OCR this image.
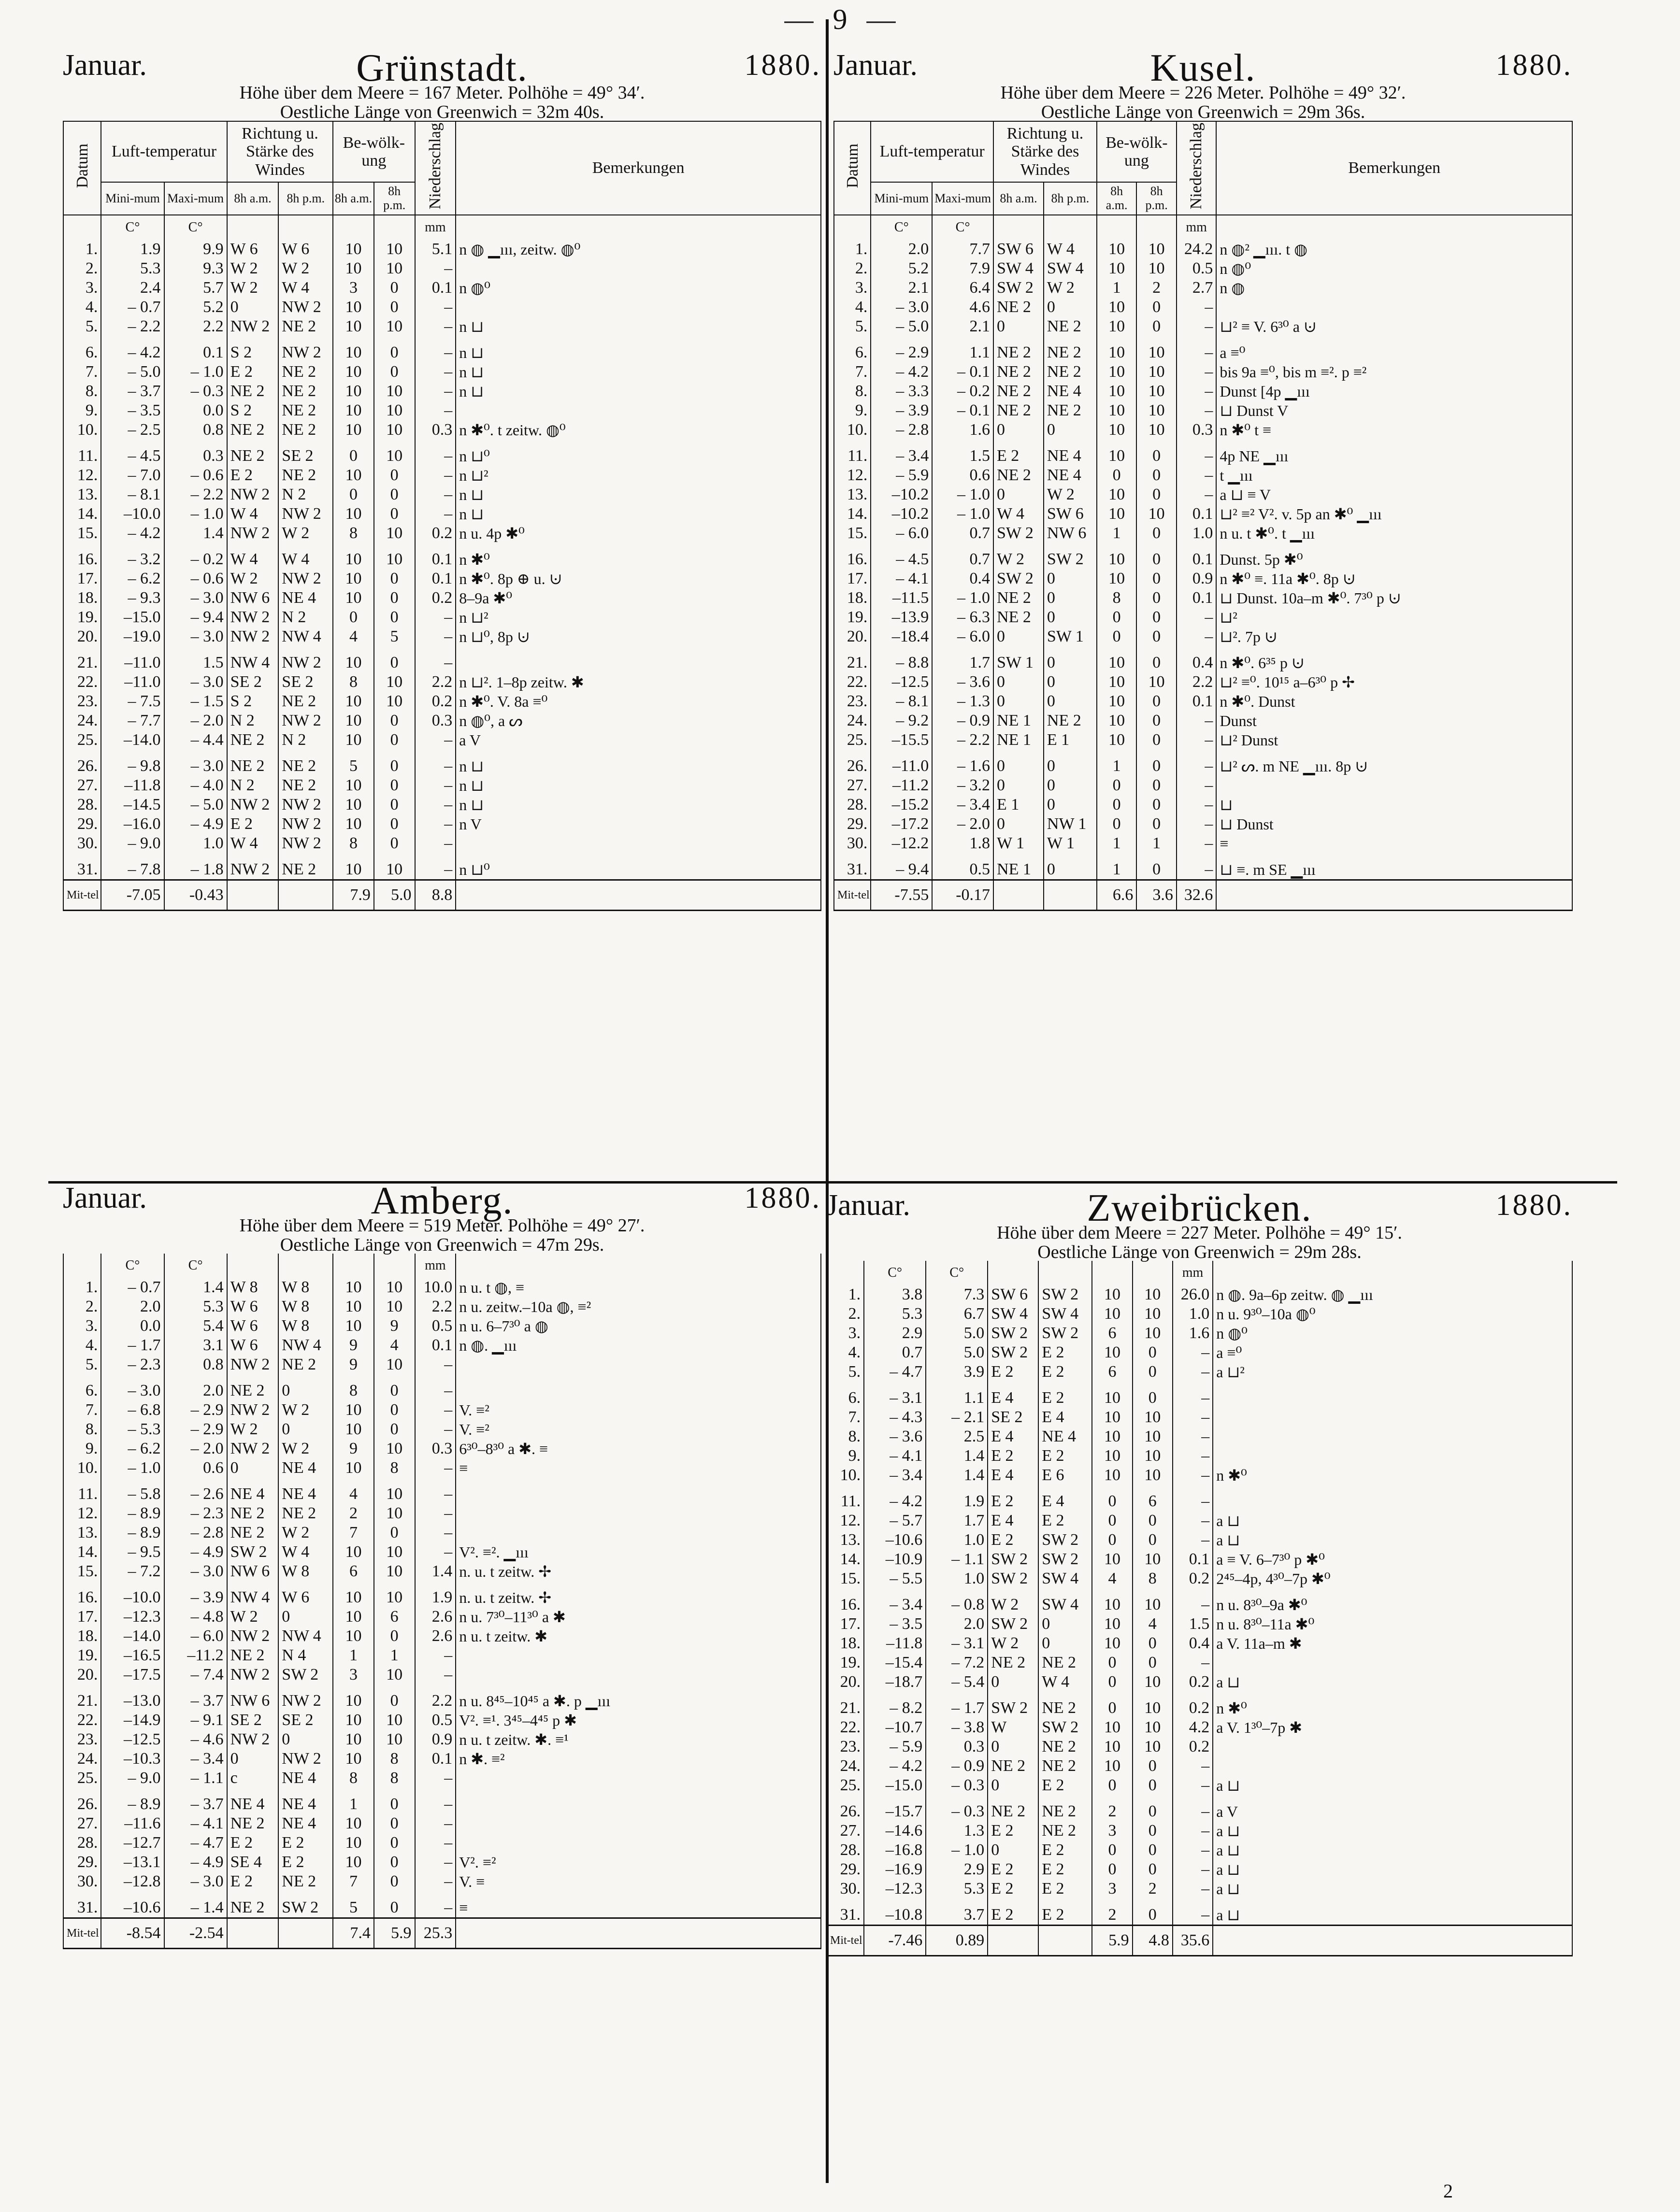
— 9 —
Januar.	Grünstadt.	1880.
Höhe über dem Meere = 167 Meter. Polhöhe = 49° 34′.
Oestliche Länge von Greenwich = 32m 40s.
Datum	Luft-temperatur		Richtung u. Stärke des Windes		Be-wölk-ung		Niederschlag	Bemerkungen
	Mini-mum	Maxi-mum	8h a.m.	8h p.m.	8h a.m.	8h p.m.		
	C°	C°					mm	
1.	1.9	9.9	W 6	W 6	10	10	5.1	n ◍ ▁ııı, zeitw. ◍⁰
2.	5.3	9.3	W 2	W 2	10	10	–	
3.	2.4	5.7	W 2	W 4	3	0	0.1	n ◍⁰
4.	– 0.7	5.2	0	NW 2	10	0	–	
5.	– 2.2	2.2	NW 2	NE 2	10	10	–	n ⊔

6.	– 4.2	0.1	S 2	NW 2	10	0	–	n ⊔
7.	– 5.0	– 1.0	E 2	NE 2	10	0	–	n ⊔
8.	– 3.7	– 0.3	NE 2	NE 2	10	10	–	n ⊔
9.	– 3.5	0.0	S 2	NE 2	10	10	–	
10.	– 2.5	0.8	NE 2	NE 2	10	10	0.3	n ✱⁰. t zeitw. ◍⁰

11.	– 4.5	0.3	NE 2	SE 2	0	10	–	n ⊔⁰
12.	– 7.0	– 0.6	E 2	NE 2	10	0	–	n ⊔²
13.	– 8.1	– 2.2	NW 2	N 2	0	0	–	n ⊔
14.	–10.0	– 1.0	W 4	NW 2	10	0	–	n ⊔
15.	– 4.2	1.4	NW 2	W 2	8	10	0.2	n u. 4p ✱⁰

16.	– 3.2	– 0.2	W 4	W 4	10	10	0.1	n ✱⁰
17.	– 6.2	– 0.6	W 2	NW 2	10	0	0.1	n ✱⁰. 8p ⊕ u. ⊍
18.	– 9.3	– 3.0	NW 6	NE 4	10	0	0.2	8–9a ✱⁰
19.	–15.0	– 9.4	NW 2	N 2	0	0	–	n ⊔²
20.	–19.0	– 3.0	NW 2	NW 4	4	5	–	n ⊔⁰, 8p ⊍

21.	–11.0	1.5	NW 4	NW 2	10	0	–	
22.	–11.0	– 3.0	SE 2	SE 2	8	10	2.2	n ⊔². 1–8p zeitw. ✱
23.	– 7.5	– 1.5	S 2	NE 2	10	10	0.2	n ✱⁰. V. 8a ≡⁰
24.	– 7.7	– 2.0	N 2	NW 2	10	0	0.3	n ◍⁰, a ᔕ
25.	–14.0	– 4.4	NE 2	N 2	10	0	–	a V

26.	– 9.8	– 3.0	NE 2	NE 2	5	0	–	n ⊔
27.	–11.8	– 4.0	N 2	NE 2	10	0	–	n ⊔
28.	–14.5	– 5.0	NW 2	NW 2	10	0	–	n ⊔
29.	–16.0	– 4.9	E 2	NW 2	10	0	–	n V
30.	– 9.0	1.0	W 4	NW 2	8	0	–	

31.	– 7.8	– 1.8	NW 2	NE 2	10	10	–	n ⊔⁰
Mit-tel	-7.05	-0.43			7.9	5.0	8.8	
Januar.	Kusel.	1880.
Höhe über dem Meere = 226 Meter. Polhöhe = 49° 32′.
Oestliche Länge von Greenwich = 29m 36s.
Datum	Luft-temperatur		Richtung u. Stärke des Windes		Be-wölk-ung		Niederschlag	Bemerkungen
	Mini-mum	Maxi-mum	8h a.m.	8h p.m.	8h a.m.	8h p.m.		
	C°	C°					mm	
1.	2.0	7.7	SW 6	W 4	10	10	24.2	n ◍² ▁ııı. t ◍
2.	5.2	7.9	SW 4	SW 4	10	10	0.5	n ◍⁰
3.	2.1	6.4	SW 2	W 2	1	2	2.7	n ◍
4.	– 3.0	4.6	NE 2	0	10	0	–	
5.	– 5.0	2.1	0	NE 2	10	0	–	⊔² ≡ V. 6³⁰ a ⊍

6.	– 2.9	1.1	NE 2	NE 2	10	10	–	a ≡⁰
7.	– 4.2	– 0.1	NE 2	NE 2	10	10	–	bis 9a ≡⁰, bis m ≡². p ≡²
8.	– 3.3	– 0.2	NE 2	NE 4	10	10	–	Dunst [4p ▁ııı
9.	– 3.9	– 0.1	NE 2	NE 2	10	10	–	⊔ Dunst V
10.	– 2.8	1.6	0	0	10	10	0.3	n ✱⁰ t ≡

11.	– 3.4	1.5	E 2	NE 4	10	0	–	4p NE ▁ııı
12.	– 5.9	0.6	NE 2	NE 4	0	0	–	t ▁ııı
13.	–10.2	– 1.0	0	W 2	10	0	–	a ⊔ ≡ V
14.	–10.2	– 1.0	W 4	SW 6	10	10	0.1	⊔² ≡² V². v. 5p an ✱⁰ ▁ııı
15.	– 6.0	0.7	SW 2	NW 6	1	0	1.0	n u. t ✱⁰. t ▁ııı

16.	– 4.5	0.7	W 2	SW 2	10	0	0.1	Dunst. 5p ✱⁰
17.	– 4.1	0.4	SW 2	0	10	0	0.9	n ✱⁰ ≡. 11a ✱⁰. 8p ⊍
18.	–11.5	– 1.0	NE 2	0	8	0	0.1	⊔ Dunst. 10a–m ✱⁰. 7³⁰ p ⊍
19.	–13.9	– 6.3	NE 2	0	0	0	–	⊔²
20.	–18.4	– 6.0	0	SW 1	0	0	–	⊔². 7p ⊍

21.	– 8.8	1.7	SW 1	0	10	0	0.4	n ✱⁰. 6³⁵ p ⊍
22.	–12.5	– 3.6	0	0	10	10	2.2	⊔² ≡⁰. 10¹⁵ a–6³⁰ p ✢
23.	– 8.1	– 1.3	0	0	10	0	0.1	n ✱⁰. Dunst
24.	– 9.2	– 0.9	NE 1	NE 2	10	0	–	Dunst
25.	–15.5	– 2.2	NE 1	E 1	10	0	–	⊔² Dunst

26.	–11.0	– 1.6	0	0	1	0	–	⊔² ᔕ. m NE ▁ııı. 8p ⊍
27.	–11.2	– 3.2	0	0	0	0	–	
28.	–15.2	– 3.4	E 1	0	0	0	–	⊔
29.	–17.2	– 2.0	0	NW 1	0	0	–	⊔ Dunst
30.	–12.2	1.8	W 1	W 1	1	1	–	≡

31.	– 9.4	0.5	NE 1	0	1	0	–	⊔ ≡. m SE ▁ııı
Mit-tel	-7.55	-0.17			6.6	3.6	32.6	
Januar.	Amberg.	1880.
Höhe über dem Meere = 519 Meter. Polhöhe = 49° 27′.
Oestliche Länge von Greenwich = 47m 29s.
	C°	C°					mm	
1.	– 0.7	1.4	W 8	W 8	10	10	10.0	n u. t ◍, ≡
2.	2.0	5.3	W 6	W 8	10	10	2.2	n u. zeitw.–10a ◍, ≡²
3.	0.0	5.4	W 6	W 8	10	9	0.5	n u. 6–7³⁰ a ◍
4.	– 1.7	3.1	W 6	NW 4	9	4	0.1	n ◍. ▁ııı
5.	– 2.3	0.8	NW 2	NE 2	9	10	–	

6.	– 3.0	2.0	NE 2	0	8	0	–	
7.	– 6.8	– 2.9	NW 2	W 2	10	0	–	V. ≡²
8.	– 5.3	– 2.9	W 2	0	10	0	–	V. ≡²
9.	– 6.2	– 2.0	NW 2	W 2	9	10	0.3	6³⁰–8³⁰ a ✱. ≡
10.	– 1.0	0.6	0	NE 4	10	8	–	≡

11.	– 5.8	– 2.6	NE 4	NE 4	4	10	–	
12.	– 8.9	– 2.3	NE 2	NE 2	2	10	–	
13.	– 8.9	– 2.8	NE 2	W 2	7	0	–	
14.	– 9.5	– 4.9	SW 2	W 4	10	10	–	V². ≡². ▁ııı
15.	– 7.2	– 3.0	NW 6	W 8	6	10	1.4	n. u. t zeitw. ✢

16.	–10.0	– 3.9	NW 4	W 6	10	10	1.9	n. u. t zeitw. ✢
17.	–12.3	– 4.8	W 2	0	10	6	2.6	n u. 7³⁰–11³⁰ a ✱
18.	–14.0	– 6.0	NW 2	NW 4	10	0	2.6	n u. t zeitw. ✱
19.	–16.5	–11.2	NE 2	N 4	1	1	–	
20.	–17.5	– 7.4	NW 2	SW 2	3	10	–	

21.	–13.0	– 3.7	NW 6	NW 2	10	0	2.2	n u. 8⁴⁵–10⁴⁵ a ✱. p ▁ııı
22.	–14.9	– 9.1	SE 2	SE 2	10	10	0.5	V². ≡¹. 3⁴⁵–4⁴⁵ p ✱
23.	–12.5	– 4.6	NW 2	0	10	10	0.9	n u. t zeitw. ✱. ≡¹
24.	–10.3	– 3.4	0	NW 2	10	8	0.1	n ✱. ≡²
25.	– 9.0	– 1.1	c	NE 4	8	8	–	

26.	– 8.9	– 3.7	NE 4	NE 4	1	0	–	
27.	–11.6	– 4.1	NE 2	NE 4	10	0	–	
28.	–12.7	– 4.7	E 2	E 2	10	0	–	
29.	–13.1	– 4.9	SE 4	E 2	10	0	–	V². ≡²
30.	–12.8	– 3.0	E 2	NE 2	7	0	–	V. ≡

31.	–10.6	– 1.4	NE 2	SW 2	5	0	–	≡
Mit-tel	-8.54	-2.54			7.4	5.9	25.3	
Januar.	Zweibrücken.	1880.
Höhe über dem Meere = 227 Meter. Polhöhe = 49° 15′.
Oestliche Länge von Greenwich = 29m 28s.
	C°	C°					mm	
1.	3.8	7.3	SW 6	SW 2	10	10	26.0	n ◍. 9a–6p zeitw. ◍ ▁ııı
2.	5.3	6.7	SW 4	SW 4	10	10	1.0	n u. 9³⁰–10a ◍⁰
3.	2.9	5.0	SW 2	SW 2	6	10	1.6	n ◍⁰
4.	0.7	5.0	SW 2	E 2	10	0	–	a ≡⁰
5.	– 4.7	3.9	E 2	E 2	6	0	–	a ⊔²

6.	– 3.1	1.1	E 4	E 2	10	0	–	
7.	– 4.3	– 2.1	SE 2	E 4	10	10	–	
8.	– 3.6	2.5	E 4	NE 4	10	10	–	
9.	– 4.1	1.4	E 2	E 2	10	10	–	
10.	– 3.4	1.4	E 4	E 6	10	10	–	n ✱⁰

11.	– 4.2	1.9	E 2	E 4	0	6	–	
12.	– 5.7	1.7	E 4	E 2	0	0	–	a ⊔
13.	–10.6	1.0	E 2	SW 2	0	0	–	a ⊔
14.	–10.9	– 1.1	SW 2	SW 2	10	10	0.1	a ≡ V. 6–7³⁰ p ✱⁰
15.	– 5.5	1.0	SW 2	SW 4	4	8	0.2	2⁴⁵–4p, 4³⁰–7p ✱⁰

16.	– 3.4	– 0.8	W 2	SW 4	10	10	–	n u. 8³⁰–9a ✱⁰
17.	– 3.5	2.0	SW 2	0	10	4	1.5	n u. 8³⁰–11a ✱⁰
18.	–11.8	– 3.1	W 2	0	10	0	0.4	a V. 11a–m ✱
19.	–15.4	– 7.2	NE 2	NE 2	0	0	–	
20.	–18.7	– 5.4	0	W 4	0	10	0.2	a ⊔

21.	– 8.2	– 1.7	SW 2	NE 2	0	10	0.2	n ✱⁰
22.	–10.7	– 3.8	W	SW 2	10	10	4.2	a V. 1³⁰–7p ✱
23.	– 5.9	0.3	0	NE 2	10	10	0.2	
24.	– 4.2	– 0.9	NE 2	NE 2	10	0	–	
25.	–15.0	– 0.3	0	E 2	0	0	–	a ⊔

26.	–15.7	– 0.3	NE 2	NE 2	2	0	–	a V
27.	–14.6	1.3	E 2	NE 2	3	0	–	a ⊔
28.	–16.8	– 1.0	0	E 2	0	0	–	a ⊔
29.	–16.9	2.9	E 2	E 2	0	0	–	a ⊔
30.	–12.3	5.3	E 2	E 2	3	2	–	a ⊔

31.	–10.8	3.7	E 2	E 2	2	0	–	a ⊔
Mit-tel	-7.46	0.89			5.9	4.8	35.6	
2
